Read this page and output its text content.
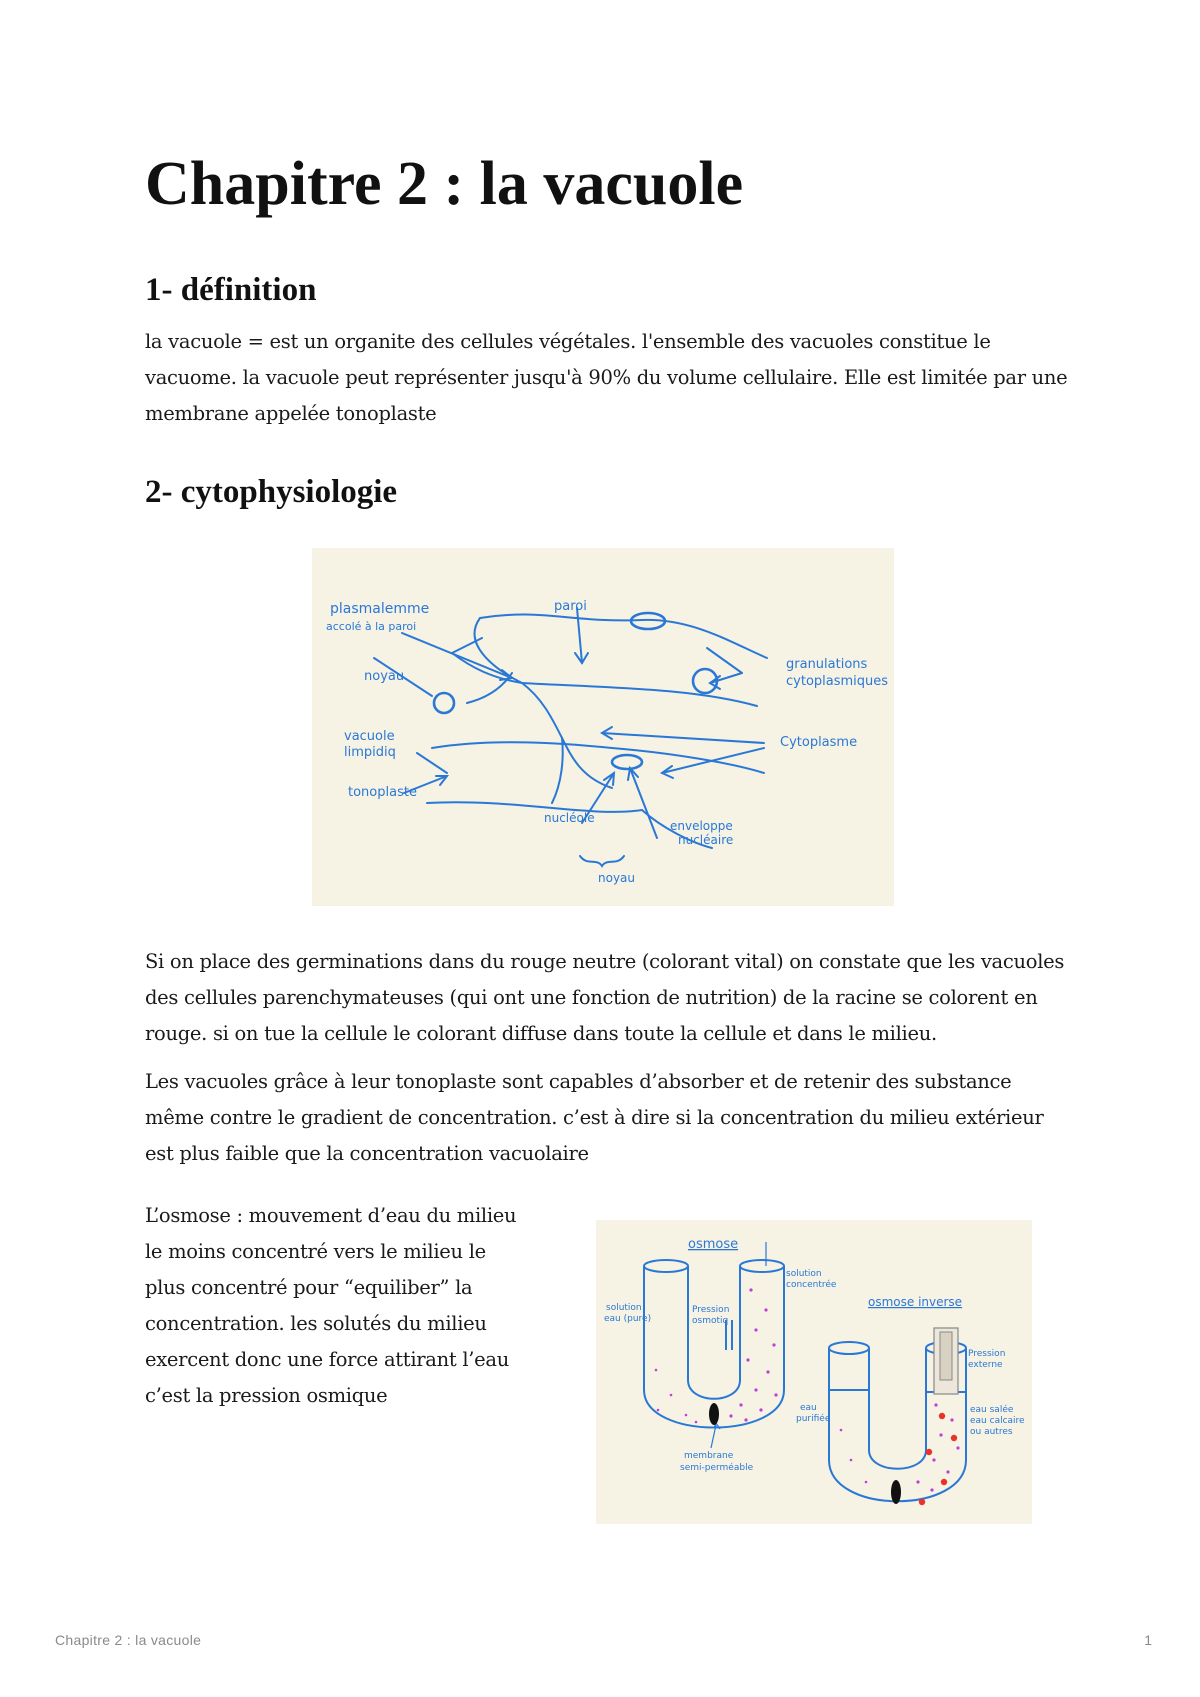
Chapitre 2 : la vacuole
1- définition

la vacuole = est un organite des cellules végétales. l'ensemble des vacuoles constitue le vacuome. la vacuole peut représenter jusqu'à 90% du volume cellulaire. Elle est limitée par une membrane appelée tonoplaste

2- cytophysiologie
plasmalemme
accolé à la paroi
paroi
noyau
granulations
cytoplasmiques
vacuole
limpidiq
Cytoplasme
tonoplaste
nucléole
enveloppe
nucléaire
noyau

Si on place des germinations dans du rouge neutre (colorant vital) on constate que les vacuoles des cellules parenchymateuses (qui ont une fonction de nutrition) de la racine se colorent en rouge. si on tue la cellule le colorant diffuse dans toute la cellule et dans le milieu.

Les vacuoles grâce à leur tonoplaste sont capables d’absorber et de retenir des substance même contre le gradient de concentration. c’est à dire si la concentration du milieu extérieur est plus faible que la concentration vacuolaire

L’osmose : mouvement d’eau du milieu le moins concentré vers le milieu le plus concentré pour “equiliber” la concentration. les solutés du milieu exercent donc une force attirant l’eau c’est la pression osmique

osmose
osmose inverse
solution
concentrée
solution
eau (pure)
Pression
osmotiq
membrane
semi-perméable
Pression
externe
eau
purifiée
eau salée
eau calcaire
ou autres
Chapitre 2 : la vacuole	1
